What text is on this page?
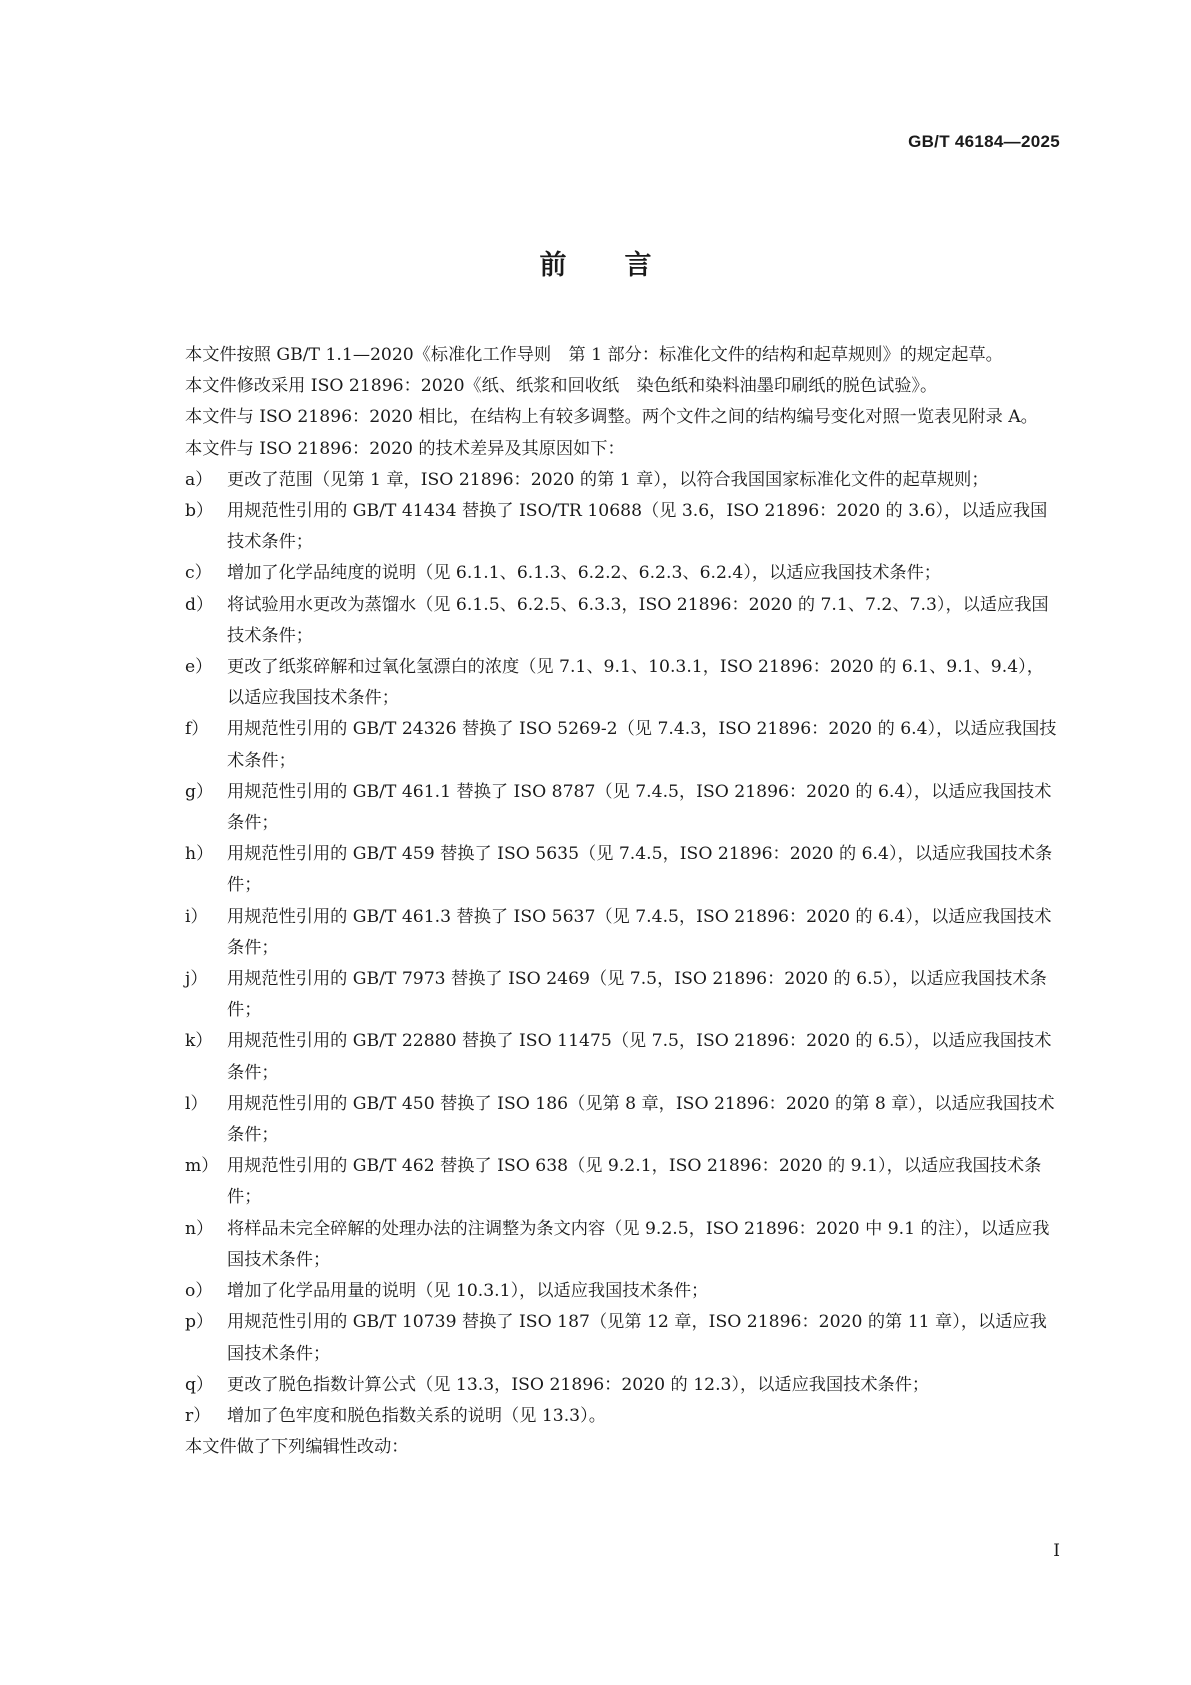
GB/T 46184—2025
前言

本文件按照 GB/T 1.1—2020《标准化工作导则　第 1 部分：标准化文件的结构和起草规则》的规定起草。

本文件修改采用 ISO 21896：2020《纸、纸浆和回收纸　染色纸和染料油墨印刷纸的脱色试验》。

本文件与 ISO 21896：2020 相比，在结构上有较多调整。两个文件之间的结构编号变化对照一览表见附录 A。

本文件与 ISO 21896：2020 的技术差异及其原因如下：

a） 更改了范围（见第 1 章，ISO 21896：2020 的第 1 章），以符合我国国家标准化文件的起草规则；
b） 用规范性引用的 GB/T 41434 替换了 ISO/TR 10688（见 3.6，ISO 21896：2020 的 3.6），以适应我国技术条件；
c） 增加了化学品纯度的说明（见 6.1.1、6.1.3、6.2.2、6.2.3、6.2.4），以适应我国技术条件；
d） 将试验用水更改为蒸馏水（见 6.1.5、6.2.5、6.3.3，ISO 21896：2020 的 7.1、7.2、7.3），以适应我国技术条件；
e） 更改了纸浆碎解和过氧化氢漂白的浓度（见 7.1、9.1、10.3.1，ISO 21896：2020 的 6.1、9.1、9.4），以适应我国技术条件；
f）	用规范性引用的 GB/T 24326 替换了 ISO 5269-2（见 7.4.3，ISO 21896：2020 的 6.4），以适应我国技术条件；
g） 用规范性引用的 GB/T 461.1 替换了 ISO 8787（见 7.4.5，ISO 21896：2020 的 6.4），以适应我国技术条件；
h） 用规范性引用的 GB/T 459 替换了 ISO 5635（见 7.4.5，ISO 21896：2020 的 6.4），以适应我国技术条件；
i）	用规范性引用的 GB/T 461.3 替换了 ISO 5637（见 7.4.5，ISO 21896：2020 的 6.4），以适应我国技术条件；
j）	用规范性引用的 GB/T 7973 替换了 ISO 2469（见 7.5，ISO 21896：2020 的 6.5），以适应我国技术条件；
k） 用规范性引用的 GB/T 22880 替换了 ISO 11475（见 7.5，ISO 21896：2020 的 6.5），以适应我国技术条件；
l）	用规范性引用的 GB/T 450 替换了 ISO 186（见第 8 章，ISO 21896：2020 的第 8 章），以适应我国技术条件；
m） 用规范性引用的 GB/T 462 替换了 ISO 638（见 9.2.1，ISO 21896：2020 的 9.1），以适应我国技术条件；
n） 将样品未完全碎解的处理办法的注调整为条文内容（见 9.2.5，ISO 21896：2020 中 9.1 的注），以适应我国技术条件；
o） 增加了化学品用量的说明（见 10.3.1），以适应我国技术条件；
p） 用规范性引用的 GB/T 10739 替换了 ISO 187（见第 12 章，ISO 21896：2020 的第 11 章），以适应我国技术条件；
q） 更改了脱色指数计算公式（见 13.3，ISO 21896：2020 的 12.3），以适应我国技术条件；
r） 增加了色牢度和脱色指数关系的说明（见 13.3）。

本文件做了下列编辑性改动：

Ⅰ
